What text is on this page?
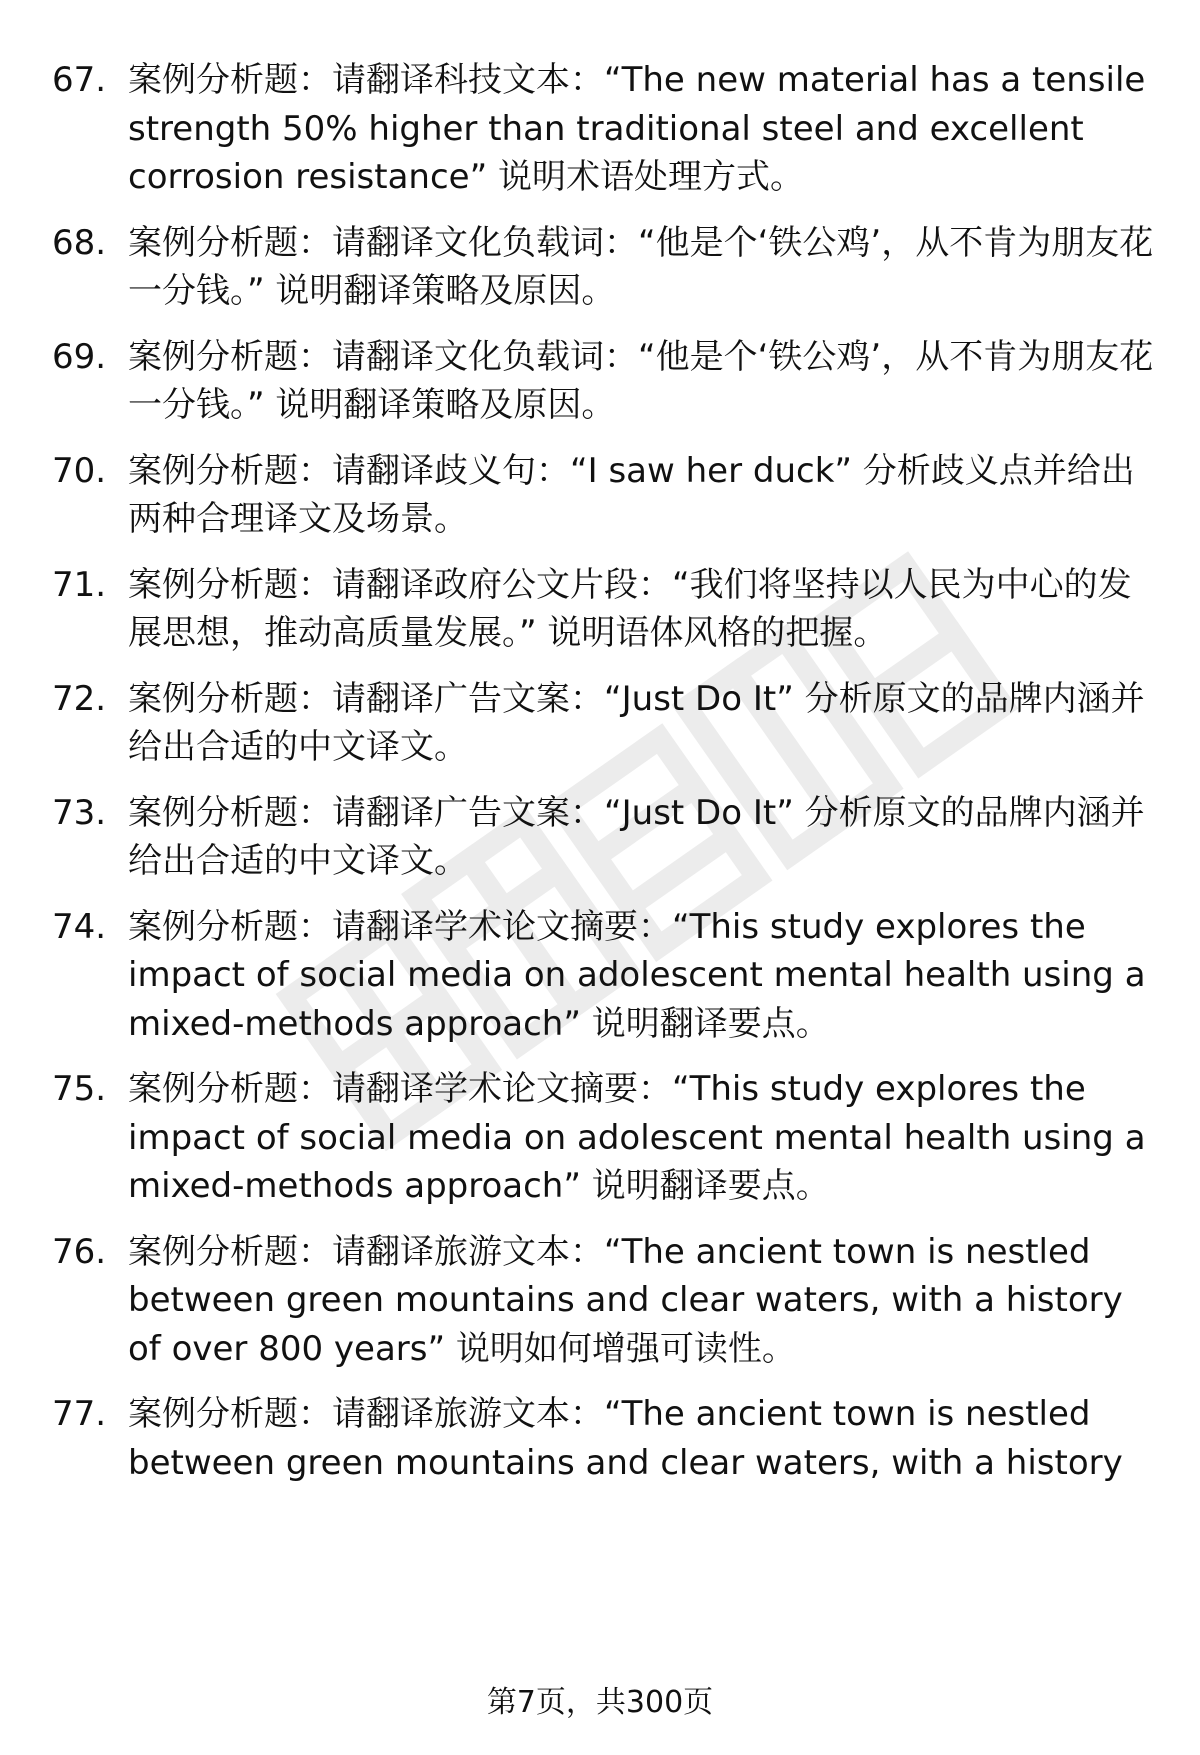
67. 案例分析题：请翻译科技文本：“The new material has a tensile strength 50% higher than traditional steel and excellent corrosion resistance” 说明术语处理方式。
68. 案例分析题：请翻译文化负载词：“他是个‘铁公鸡’，从不肯为朋友花一分钱。” 说明翻译策略及原因。
69. 案例分析题：请翻译文化负载词：“他是个‘铁公鸡’，从不肯为朋友花一分钱。” 说明翻译策略及原因。
70. 案例分析题：请翻译歧义句：“I saw her duck” 分析歧义点并给出两种合理译文及场景。
71. 案例分析题：请翻译政府公文片段：“我们将坚持以人民为中心的发展思想，推动高质量发展。” 说明语体风格的把握。
72. 案例分析题：请翻译广告文案：“Just Do It” 分析原文的品牌内涵并给出合适的中文译文。
73. 案例分析题：请翻译广告文案：“Just Do It” 分析原文的品牌内涵并给出合适的中文译文。
74. 案例分析题：请翻译学术论文摘要：“This study explores the impact of social media on adolescent mental health using a mixed-methods approach” 说明翻译要点。
75. 案例分析题：请翻译学术论文摘要：“This study explores the impact of social media on adolescent mental health using a mixed-methods approach” 说明翻译要点。
76. 案例分析题：请翻译旅游文本：“The ancient town is nestled between green mountains and clear waters, with a history of over 800 years” 说明如何增强可读性。
77. 案例分析题：请翻译旅游文本：“The ancient town is nestled between green mountains and clear waters, with a history
第7页，共300页
